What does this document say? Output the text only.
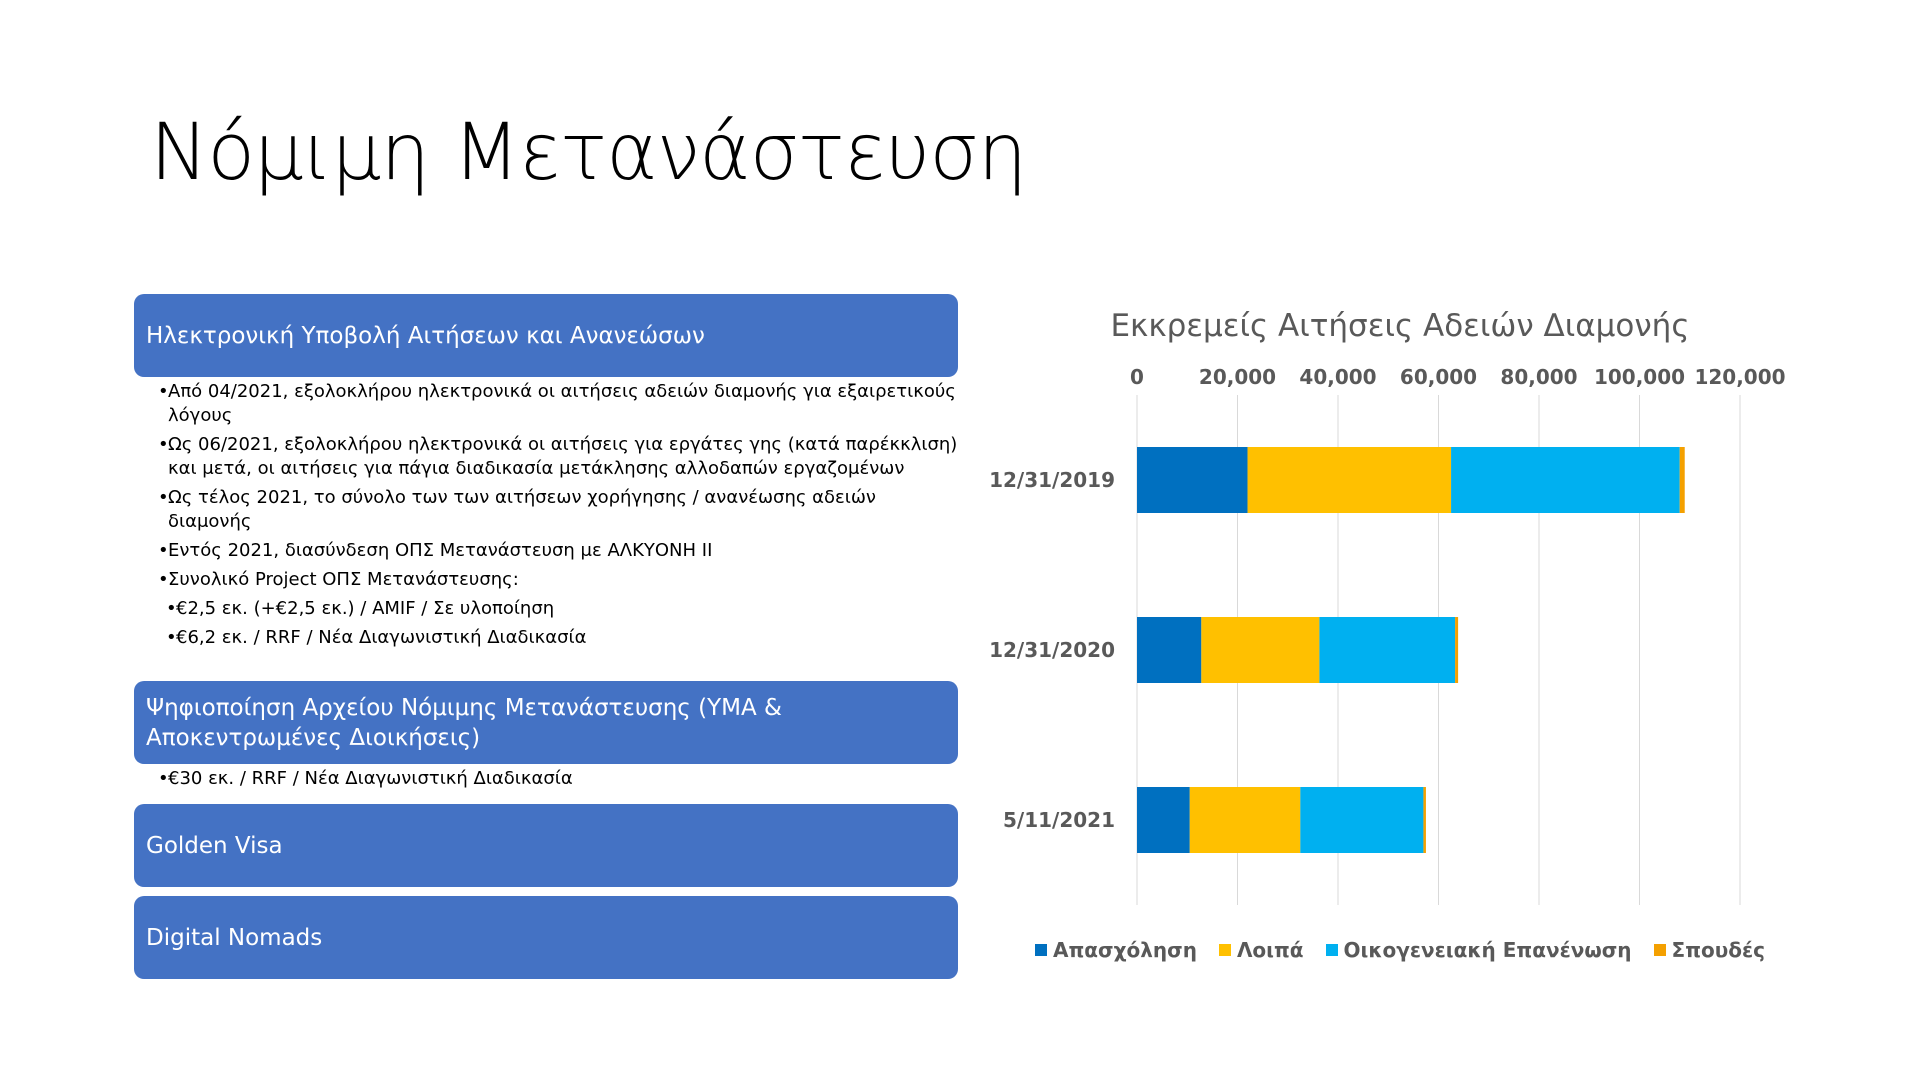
Νόμιμη Μετανάστευση
Ηλεκτρονική Υποβολή Αιτήσεων και Ανανεώσων
• Από 04/2021, εξολοκλήρου ηλεκτρονικά οι αιτήσεις αδειών διαμονής για εξαιρετικούς λόγους
• Ως 06/2021, εξολοκλήρου ηλεκτρονικά οι αιτήσεις για εργάτες γης (κατά παρέκκλιση) και μετά, οι αιτήσεις για πάγια διαδικασία μετάκλησης αλλοδαπών εργαζομένων
• Ως τέλος 2021, το σύνολο των των αιτήσεων χορήγησης / ανανέωσης αδειών διαμονής
• Εντός 2021, διασύνδεση ΟΠΣ Μετανάστευση με ΑΛΚΥΟΝΗ ΙΙ
• Συνολικό Project ΟΠΣ Μετανάστευσης:
• €2,5 εκ. (+€2,5 εκ.) / AMIF / Σε υλοποίηση
• €6,2 εκ. / RRF / Νέα Διαγωνιστική Διαδικασία
Ψηφιοποίηση Αρχείου Νόμιμης Μετανάστευσης (ΥΜΑ & Αποκεντρωμένες Διοικήσεις)
• €30 εκ. / RRF / Νέα Διαγωνιστική Διαδικασία
Golden Visa
Digital Nomads
Εκκρεμείς Αιτήσεις Αδειών Διαμονής
0	20,000 40,000 60,000 80,000 100,000 120,000
12/31/2019
12/31/2020
5/11/2021
Απασχόληση Λοιπά Οικογενειακή Επανένωση Σπουδές
